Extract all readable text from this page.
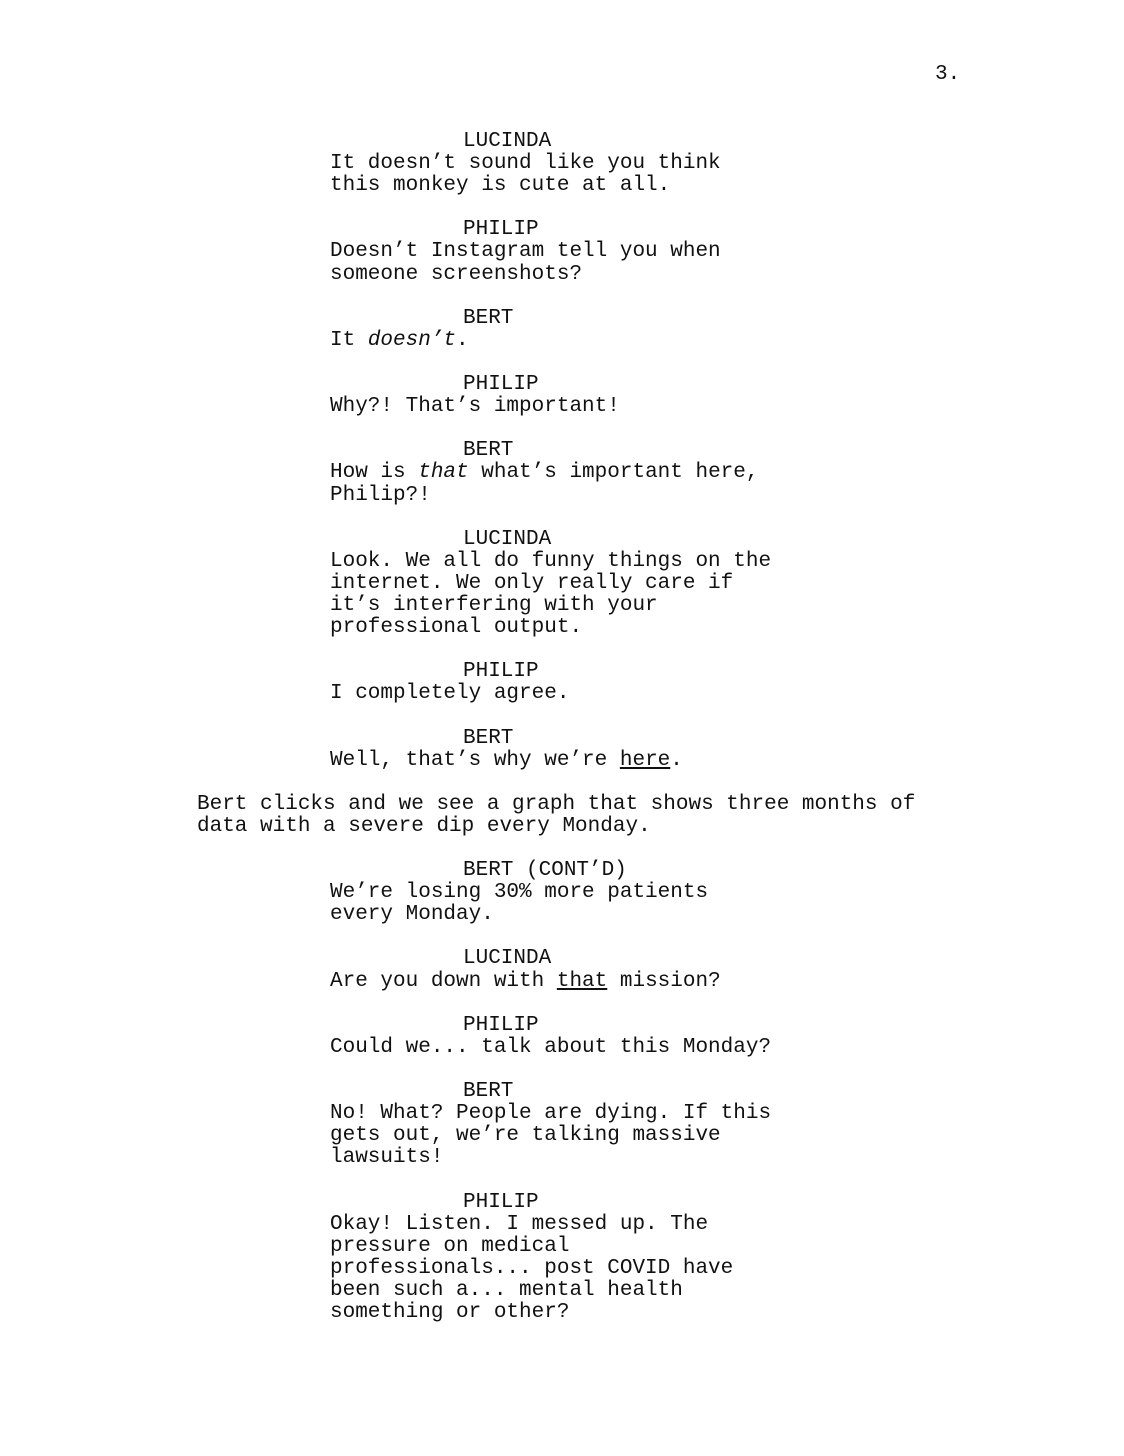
3.
LUCINDA
It doesn’t sound like you think
this monkey is cute at all.
PHILIP
Doesn’t Instagram tell you when
someone screenshots?
BERT
It doesn’t.
PHILIP
Why?! That’s important!
BERT
How is that what’s important here,
Philip?!
LUCINDA
Look. We all do funny things on the
internet. We only really care if
it’s interfering with your
professional output.
PHILIP
I completely agree.
BERT
Well, that’s why we’re here.
Bert clicks and we see a graph that shows three months of
data with a severe dip every Monday.
BERT (CONT’D)
We’re losing 30% more patients
every Monday.
LUCINDA
Are you down with that mission?
PHILIP
Could we... talk about this Monday?
BERT
No! What? People are dying. If this
gets out, we’re talking massive
lawsuits!
PHILIP
Okay! Listen. I messed up. The
pressure on medical
professionals... post COVID have
been such a... mental health
something or other?
